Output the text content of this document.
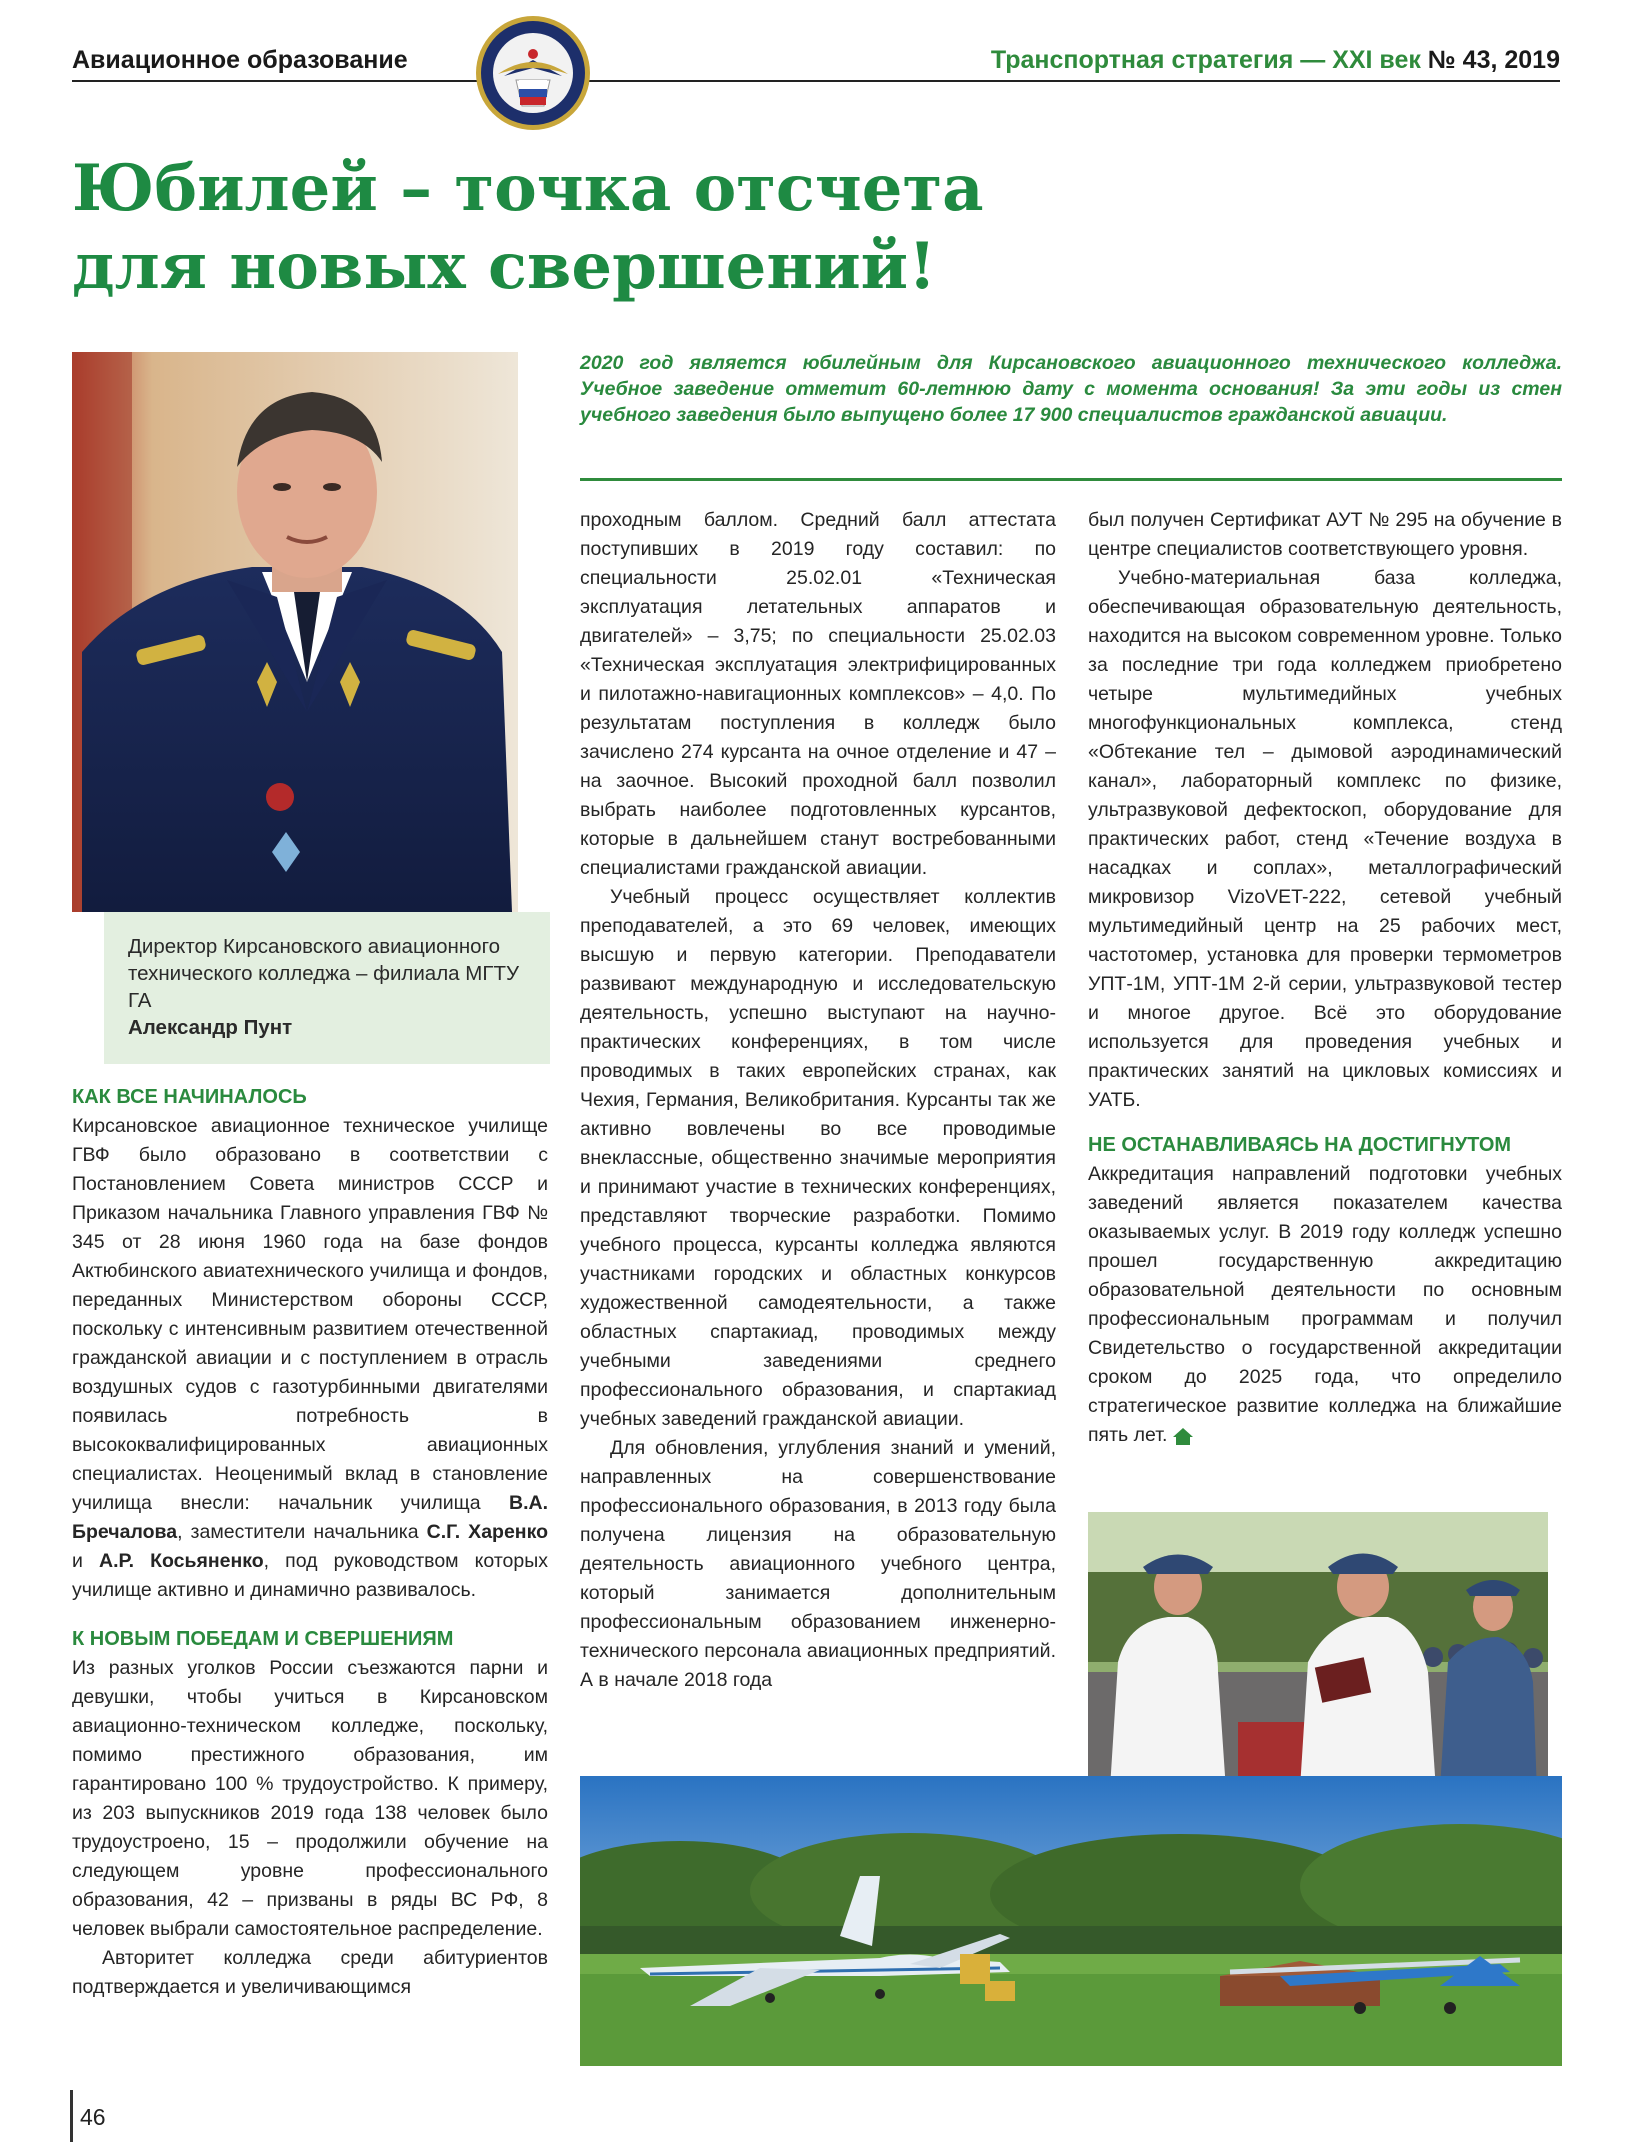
Авиационное образование	Транспортная стратегия — XXI век № 43, 2019
Юбилей – точка отсчета
для новых свершений!
Директор Кирсановского авиационного технического колледжа – филиала МГТУ ГА
Александр Пунт
2020 год является юбилейным для Кирсановского авиационного технического колледжа. Учебное заведение отметит 60-летнюю дату с момента основания! За эти годы из стен учебного заведения было выпущено более 17 900 специалистов гражданской авиации.
КАК ВСЕ НАЧИНАЛОСЬ

Кирсановское авиационное техническое училище ГВФ было образовано в соответствии с Постановлением Совета министров СССР и Приказом начальника Главного управления ГВФ № 345 от 28 июня 1960 года на базе фондов Актюбинского авиатехнического училища и фондов, переданных Министерством обороны СССР, поскольку с интенсивным развитием отечественной гражданской авиации и с поступлением в отрасль воздушных судов с газотурбинными двигателями появилась потребность в высококвалифицированных авиационных специалистах. Неоценимый вклад в становление училища внесли: начальник училища В.А. Бречалова, заместители начальника С.Г. Харенко и А.Р. Косьяненко, под руководством которых училище активно и динамично развивалось.

К НОВЫМ ПОБЕДАМ И СВЕРШЕНИЯМ

Из разных уголков России съезжаются парни и девушки, чтобы учиться в Кирсановском авиационно-техническом колледже, поскольку, помимо престижного образования, им гарантировано 100 % трудоустройство. К примеру, из 203 выпускников 2019 года 138 человек было трудоустроено, 15 – продолжили обучение на следующем уровне профессионального образования, 42 – призваны в ряды ВС РФ, 8 человек выбрали самостоятельное распределение.

Авторитет колледжа среди абитуриентов подтверждается и увеличивающимся

проходным баллом. Средний балл аттестата поступивших в 2019 году составил: по специальности 25.02.01 «Техническая эксплуатация летательных аппаратов и двигателей» – 3,75; по специальности 25.02.03 «Техническая эксплуатация электрифицированных и пилотажно-навигационных комплексов» – 4,0. По результатам поступления в колледж было зачислено 274 курсанта на очное отделение и 47 – на заочное. Высокий проходной балл позволил выбрать наиболее подготовленных курсантов, которые в дальнейшем станут востребованными специалистами гражданской авиации.

Учебный процесс осуществляет коллектив преподавателей, а это 69 человек, имеющих высшую и первую категории. Преподаватели развивают международную и исследовательскую деятельность, успешно выступают на научно-практических конференциях, в том числе проводимых в таких европейских странах, как Чехия, Германия, Великобритания. Курсанты так же активно вовлечены во все проводимые внеклассные, общественно значимые мероприятия и принимают участие в технических конференциях, представляют творческие разработки. Помимо учебного процесса, курсанты колледжа являются участниками городских и областных конкурсов художественной самодеятельности, а также областных спартакиад, проводимых между учебными заведениями среднего профессионального образования, и спартакиад учебных заведений гражданской авиации.

Для обновления, углубления знаний и умений, направленных на совершенствование профессионального образования, в 2013 году была получена лицензия на образовательную деятельность авиационного учебного центра, который занимается дополнительным профессиональным образованием инженерно-технического персонала авиационных предприятий. А в начале 2018 года

был получен Сертификат АУТ № 295 на обучение в центре специалистов соответствующего уровня.

Учебно-материальная база колледжа, обеспечивающая образовательную деятельность, находится на высоком современном уровне. Только за последние три года колледжем приобретено четыре мультимедийных учебных многофункциональных комплекса, стенд «Обтекание тел – дымовой аэродинамический канал», лабораторный комплекс по физике, ультразвуковой дефектоскоп, оборудование для практических работ, стенд «Течение воздуха в насадках и соплах», металлографический микровизор VizoVET-222, сетевой учебный мультимедийный центр на 25 рабочих мест, частотомер, установка для проверки термометров УПТ-1М, УПТ-1М 2-й серии, ультразвуковой тестер и многое другое. Всё это оборудование используется для проведения учебных и практических занятий на цикловых комиссиях и УАТБ.

НЕ ОСТАНАВЛИВАЯСЬ НА ДОСТИГНУТОМ

Аккредитация направлений подготовки учебных заведений является показателем качества оказываемых услуг. В 2019 году колледж успешно прошел государственную аккредитацию образовательной деятельности по основным профессиональным программам и получил Свидетельство о государственной аккредитации сроком до 2025 года, что определило стратегическое развитие колледжа на ближайшие пять лет.

46
